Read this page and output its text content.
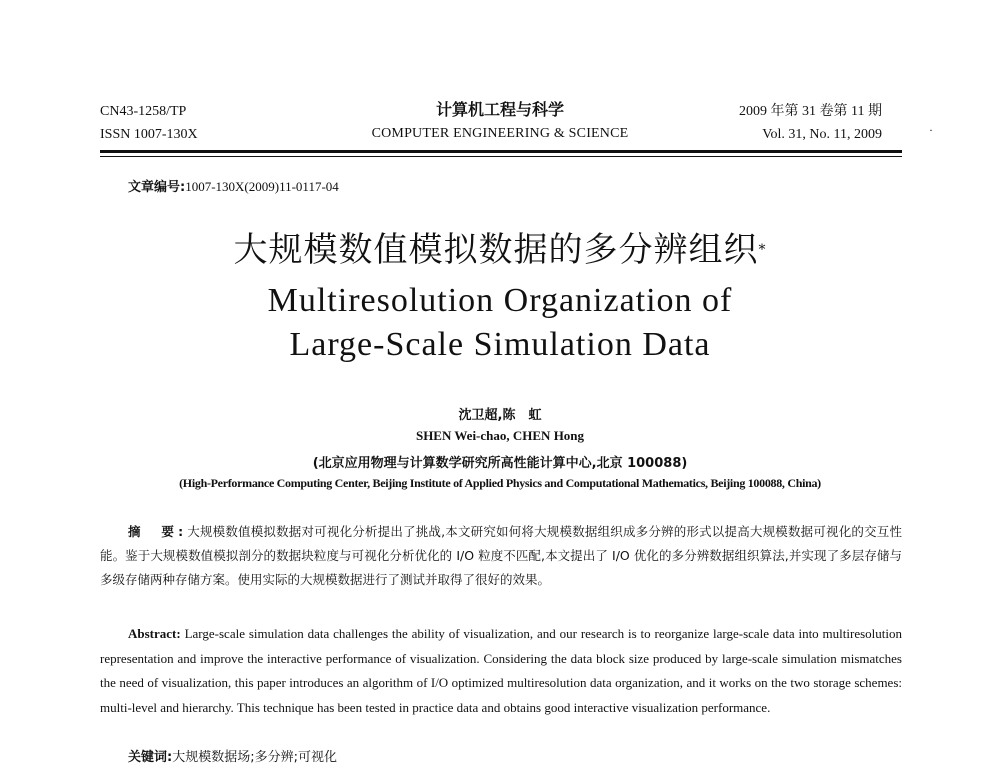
CN43-1258/TP
ISSN 1007-130X
计算机工程与科学
COMPUTER ENGINEERING & SCIENCE
2009 年第 31 卷第 11 期
Vol. 31, No. 11, 2009	·
文章编号:1007-130X(2009)11-0117-04
大规模数值模拟数据的多分辨组织*
Multiresolution Organization of
Large-Scale Simulation Data
沈卫超,陈　虹
SHEN Wei-chao, CHEN Hong
(北京应用物理与计算数学研究所高性能计算中心,北京 100088)
(High-Performance Computing Center, Beijing Institute of Applied Physics and Computational Mathematics, Beijing 100088, China)
摘　要:大规模数值模拟数据对可视化分析提出了挑战,本文研究如何将大规模数据组织成多分辨的形式以提高大规模数据可视化的交互性能。鉴于大规模数值模拟剖分的数据块粒度与可视化分析优化的 I/O 粒度不匹配,本文提出了 I/O 优化的多分辨数据组织算法,并实现了多层存储与多级存储两种存储方案。使用实际的大规模数据进行了测试并取得了很好的效果。
Abstract: Large-scale simulation data challenges the ability of visualization, and our research is to reorganize large-scale data into multiresolution representation and improve the interactive performance of visualization. Considering the data block size produced by large-scale simulation mismatches the need of visualization, this paper introduces an algorithm of I/O optimized multiresolution data organization, and it works on the two storage schemes: multi-level and hierarchy. This technique has been tested in practice data and obtains good interactive visualization performance.
关键词:大规模数据场;多分辨;可视化
